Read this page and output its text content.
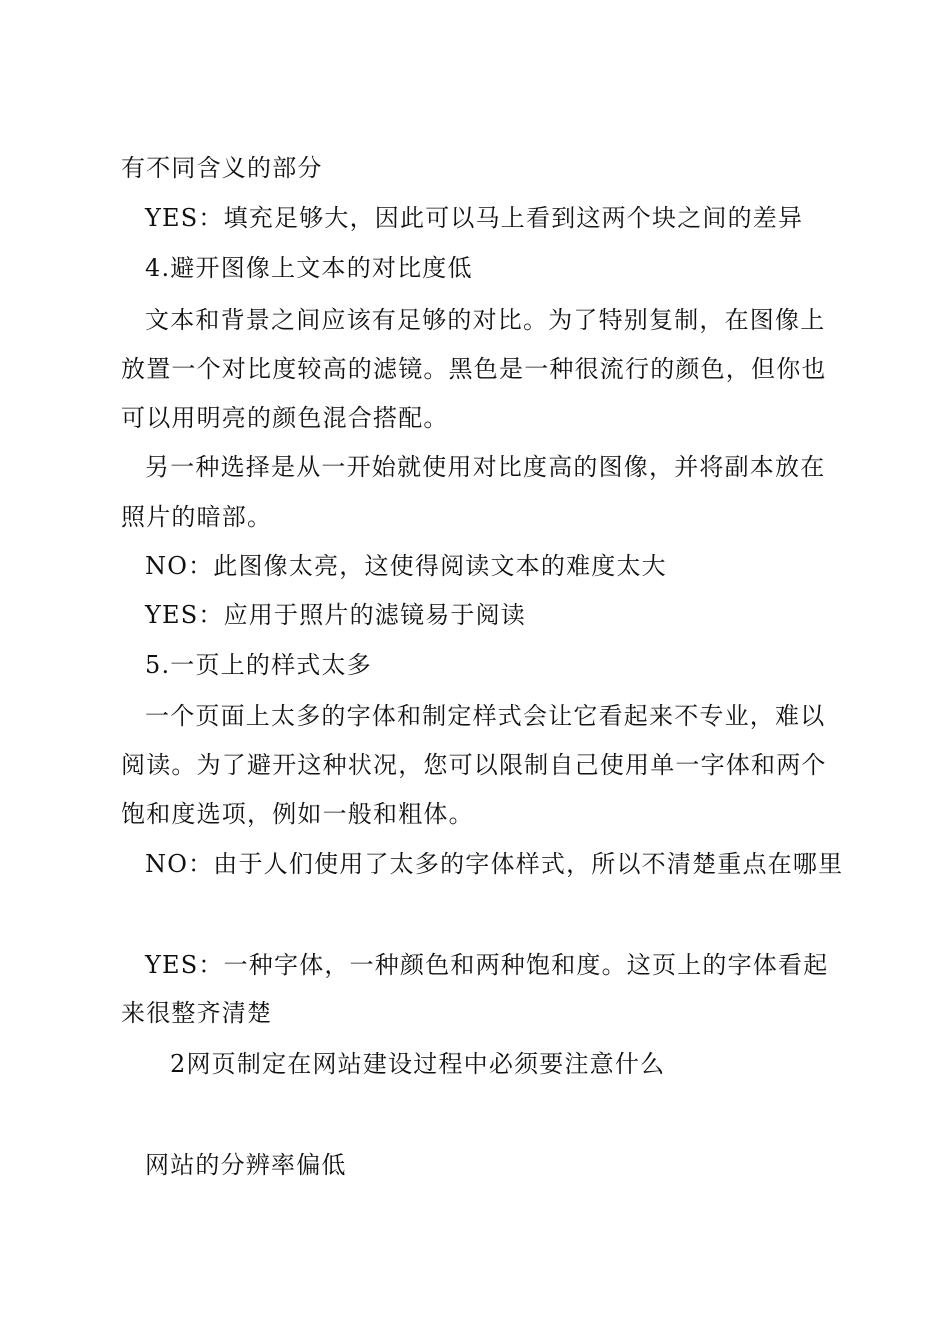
有不同含义的部分
YES：填充足够大，因此可以马上看到这两个块之间的差异
4.避开图像上文本的对比度低
文本和背景之间应该有足够的对比。为了特别复制，在图像上
放置一个对比度较高的滤镜。黑色是一种很流行的颜色，但你也
可以用明亮的颜色混合搭配。
另一种选择是从一开始就使用对比度高的图像，并将副本放在
照片的暗部。
NO：此图像太亮，这使得阅读文本的难度太大
YES：应用于照片的滤镜易于阅读
5.一页上的样式太多
一个页面上太多的字体和制定样式会让它看起来不专业，难以
阅读。为了避开这种状况，您可以限制自己使用单一字体和两个
饱和度选项，例如一般和粗体。
NO：由于人们使用了太多的字体样式，所以不清楚重点在哪里
YES：一种字体，一种颜色和两种饱和度。这页上的字体看起
来很整齐清楚
2网页制定在网站建设过程中必须要注意什么
网站的分辨率偏低
